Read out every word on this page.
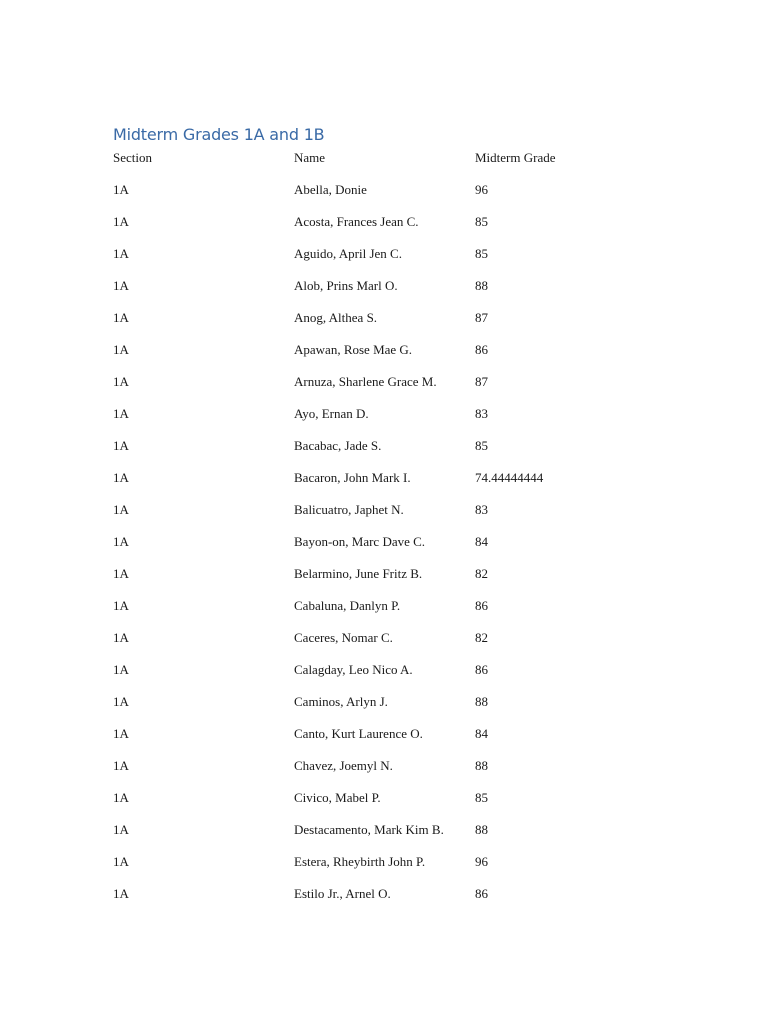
Midterm Grades 1A and 1B
Section	Name	Midterm Grade
1A	Abella, Donie	96
1A	Acosta, Frances Jean C.	85
1A	Aguido, April Jen C.	85
1A	Alob, Prins Marl O.	88
1A	Anog, Althea S.	87
1A	Apawan, Rose Mae G.	86
1A	Arnuza, Sharlene Grace M.	87
1A	Ayo, Ernan D.	83
1A	Bacabac, Jade S.	85
1A	Bacaron, John Mark I.	74.44444444
1A	Balicuatro, Japhet N.	83
1A	Bayon-on, Marc Dave C.	84
1A	Belarmino, June Fritz B.	82
1A	Cabaluna, Danlyn P.	86
1A	Caceres, Nomar C.	82
1A	Calagday, Leo Nico A.	86
1A	Caminos, Arlyn J.	88
1A	Canto, Kurt Laurence O.	84
1A	Chavez, Joemyl N.	88
1A	Civico, Mabel P.	85
1A	Destacamento, Mark Kim B. 88
1A	Estera, Rheybirth John P.	96
1A	Estilo Jr., Arnel O.	86
